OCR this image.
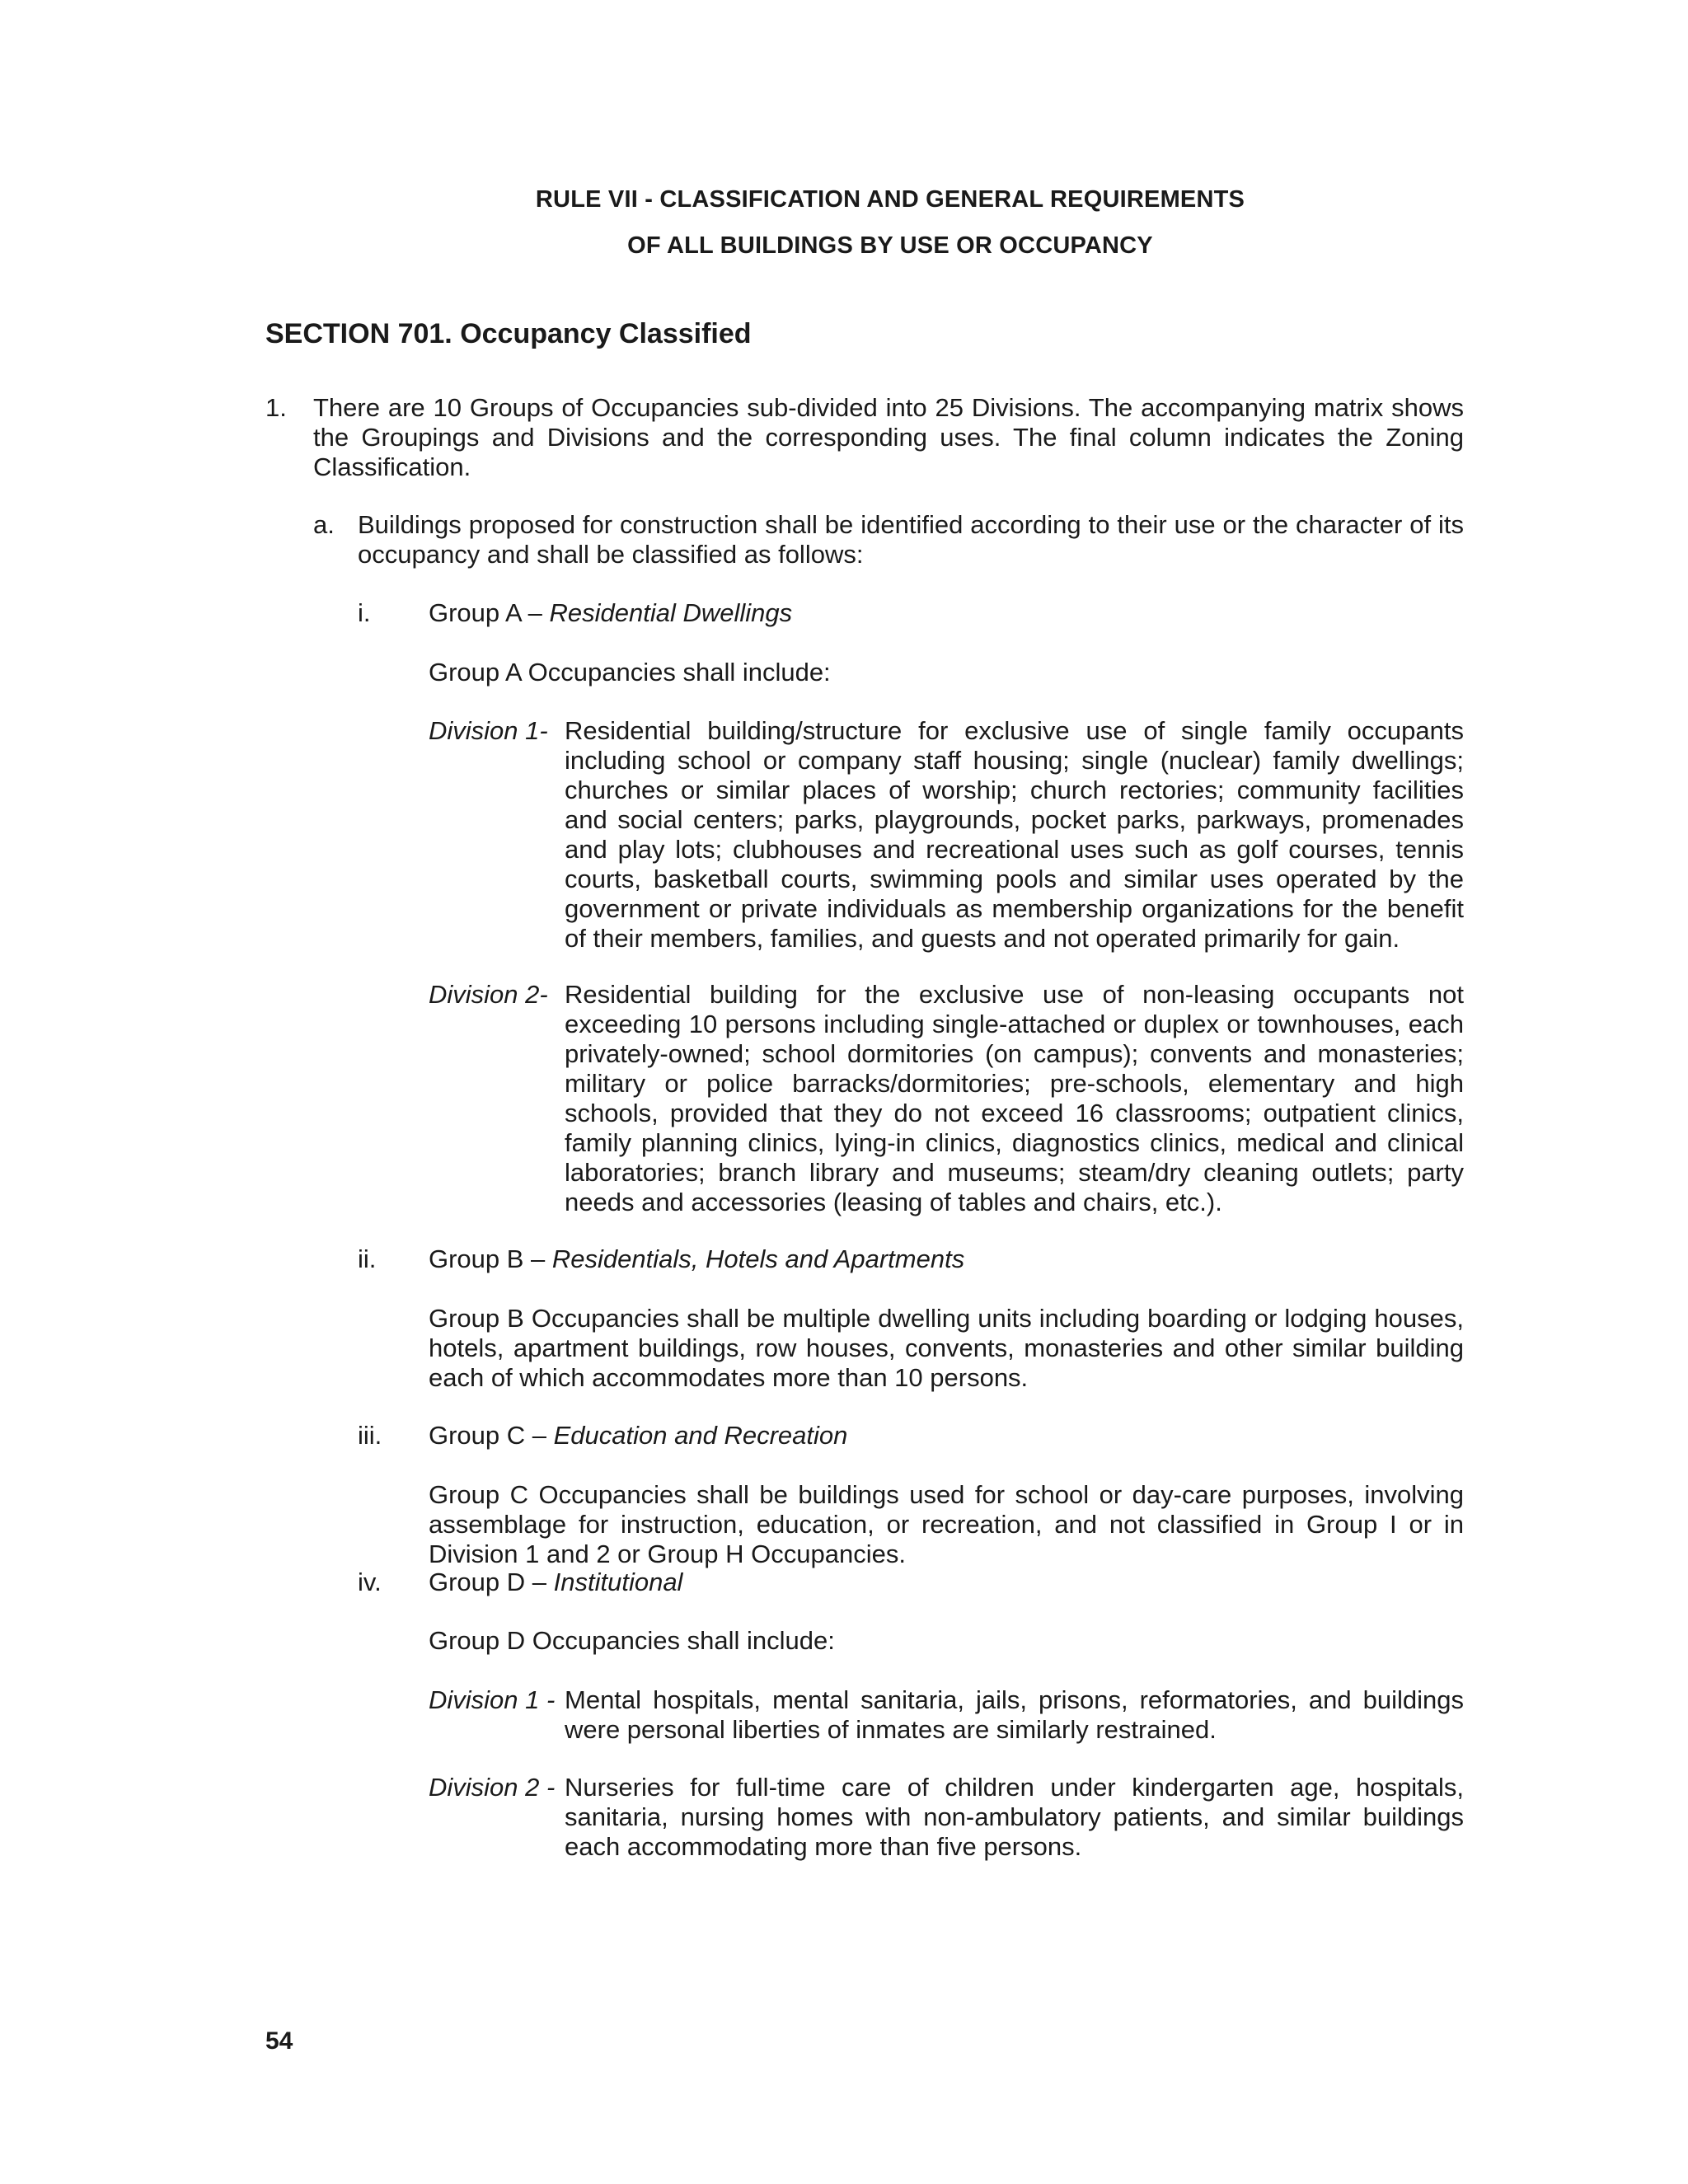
RULE VII - CLASSIFICATION AND GENERAL REQUIREMENTS
OF ALL BUILDINGS BY USE OR OCCUPANCY
SECTION 701. Occupancy Classified
1. There are 10 Groups of Occupancies sub-divided into 25 Divisions. The accompanying matrix shows the Groupings and Divisions and the corresponding uses. The final column indicates the Zoning Classification.
a. Buildings proposed for construction shall be identified according to their use or the character of its occupancy and shall be classified as follows:
i. Group A – Residential Dwellings
Group A Occupancies shall include:
Division 1- Residential building/structure for exclusive use of single family occupants including school or company staff housing; single (nuclear) family dwellings; churches or similar places of worship; church rectories; community facilities and social centers; parks, playgrounds, pocket parks, parkways, promenades and play lots; clubhouses and recreational uses such as golf courses, tennis courts, basketball courts, swimming pools and similar uses operated by the government or private individuals as membership organizations for the benefit of their members, families, and guests and not operated primarily for gain.
Division 2- Residential building for the exclusive use of non-leasing occupants not exceeding 10 persons including single-attached or duplex or townhouses, each privately-owned; school dormitories (on campus); convents and monasteries; military or police barracks/dormitories; pre-schools, elementary and high schools, provided that they do not exceed 16 classrooms; outpatient clinics, family planning clinics, lying-in clinics, diagnostics clinics, medical and clinical laboratories; branch library and museums; steam/dry cleaning outlets; party needs and accessories (leasing of tables and chairs, etc.).
ii. Group B – Residentials, Hotels and Apartments
Group B Occupancies shall be multiple dwelling units including boarding or lodging houses, hotels, apartment buildings, row houses, convents, monasteries and other similar building each of which accommodates more than 10 persons.
iii. Group C – Education and Recreation
Group C Occupancies shall be buildings used for school or day-care purposes, involving assemblage for instruction, education, or recreation, and not classified in Group I or in Division 1 and 2 or Group H Occupancies.
iv. Group D – Institutional
Group D Occupancies shall include:
Division 1 - Mental hospitals, mental sanitaria, jails, prisons, reformatories, and buildings were personal liberties of inmates are similarly restrained.
Division 2 - Nurseries for full-time care of children under kindergarten age, hospitals, sanitaria, nursing homes with non-ambulatory patients, and similar buildings each accommodating more than five persons.
54
